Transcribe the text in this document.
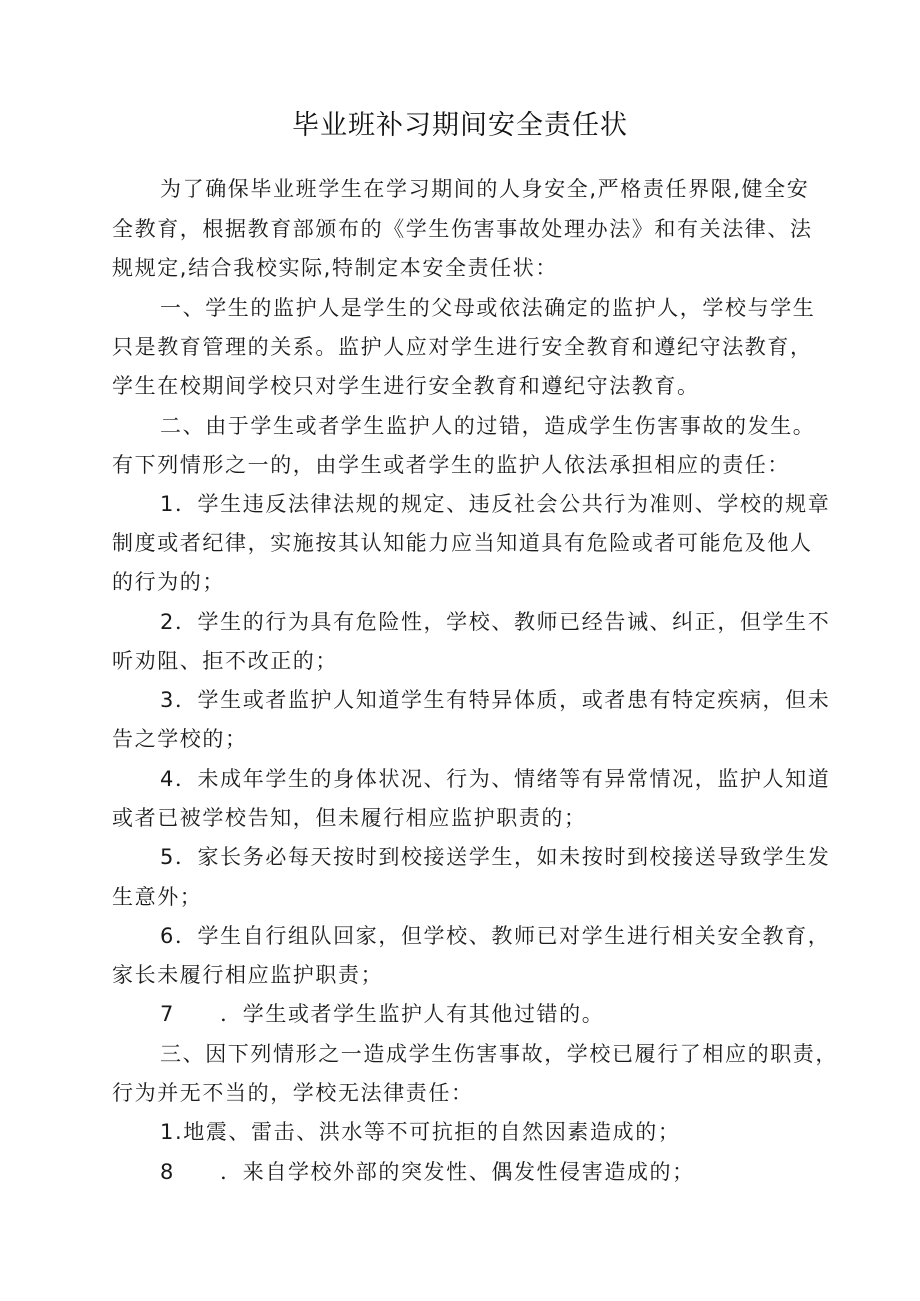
毕业班补习期间安全责任状
为了确保毕业班学生在学习期间的人身安全,严格责任界限,健全安
全教育，根据教育部颁布的《学生伤害事故处理办法》和有关法律、法
规规定,结合我校实际,特制定本安全责任状：
一、学生的监护人是学生的父母或依法确定的监护人，学校与学生
只是教育管理的关系。监护人应对学生进行安全教育和遵纪守法教育，
学生在校期间学校只对学生进行安全教育和遵纪守法教育。
二、由于学生或者学生监护人的过错，造成学生伤害事故的发生。
有下列情形之一的，由学生或者学生的监护人依法承担相应的责任：
1．学生违反法律法规的规定、违反社会公共行为准则、学校的规章
制度或者纪律，实施按其认知能力应当知道具有危险或者可能危及他人
的行为的；
2．学生的行为具有危险性，学校、教师已经告诫、纠正，但学生不
听劝阻、拒不改正的；
3．学生或者监护人知道学生有特异体质，或者患有特定疾病，但未
告之学校的；
4．未成年学生的身体状况、行为、情绪等有异常情况，监护人知道
或者已被学校告知，但未履行相应监护职责的；
5．家长务必每天按时到校接送学生，如未按时到校接送导致学生发
生意外；
6．学生自行组队回家，但学校、教师已对学生进行相关安全教育，
家长未履行相应监护职责；
7　　．学生或者学生监护人有其他过错的。
三、因下列情形之一造成学生伤害事故，学校已履行了相应的职责，
行为并无不当的，学校无法律责任：
1.地震、雷击、洪水等不可抗拒的自然因素造成的；
8　　．来自学校外部的突发性、偶发性侵害造成的；
